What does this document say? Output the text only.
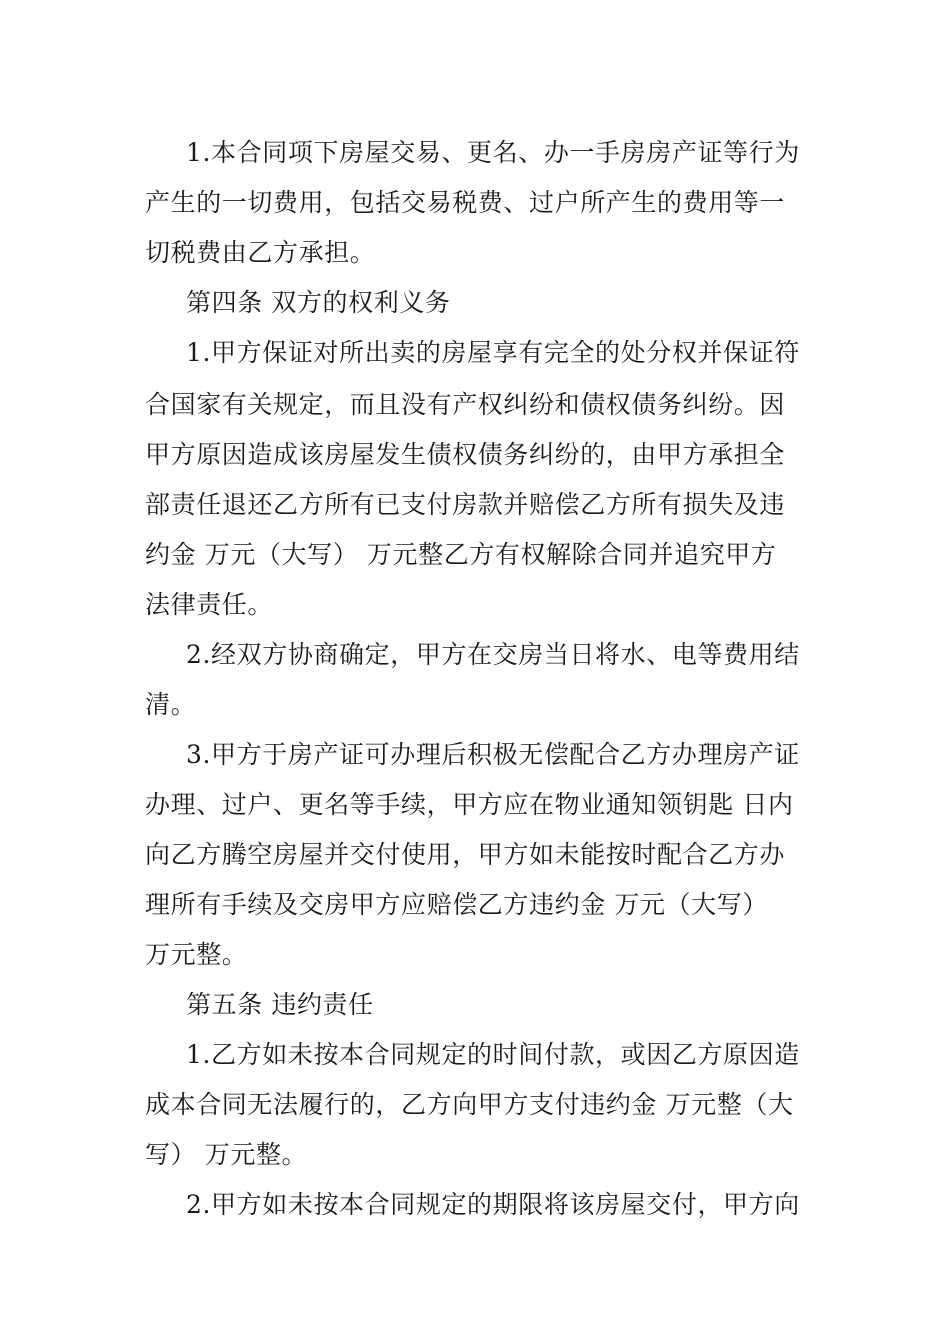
1.本合同项下房屋交易、更名、办一手房房产证等行为
产生的一切费用，包括交易税费、过户所产生的费用等一
切税费由乙方承担。
第四条 双方的权利义务
1.甲方保证对所出卖的房屋享有完全的处分权并保证符
合国家有关规定，而且没有产权纠纷和债权债务纠纷。因
甲方原因造成该房屋发生债权债务纠纷的，由甲方承担全
部责任退还乙方所有已支付房款并赔偿乙方所有损失及违
约金 万元（大写） 万元整乙方有权解除合同并追究甲方
法律责任。
2.经双方协商确定，甲方在交房当日将水、电等费用结
清。
3.甲方于房产证可办理后积极无偿配合乙方办理房产证
办理、过户、更名等手续，甲方应在物业通知领钥匙 日内
向乙方腾空房屋并交付使用，甲方如未能按时配合乙方办
理所有手续及交房甲方应赔偿乙方违约金 万元（大写）
万元整。
第五条 违约责任
1.乙方如未按本合同规定的时间付款，或因乙方原因造
成本合同无法履行的，乙方向甲方支付违约金 万元整（大
写） 万元整。
2.甲方如未按本合同规定的期限将该房屋交付，甲方向
